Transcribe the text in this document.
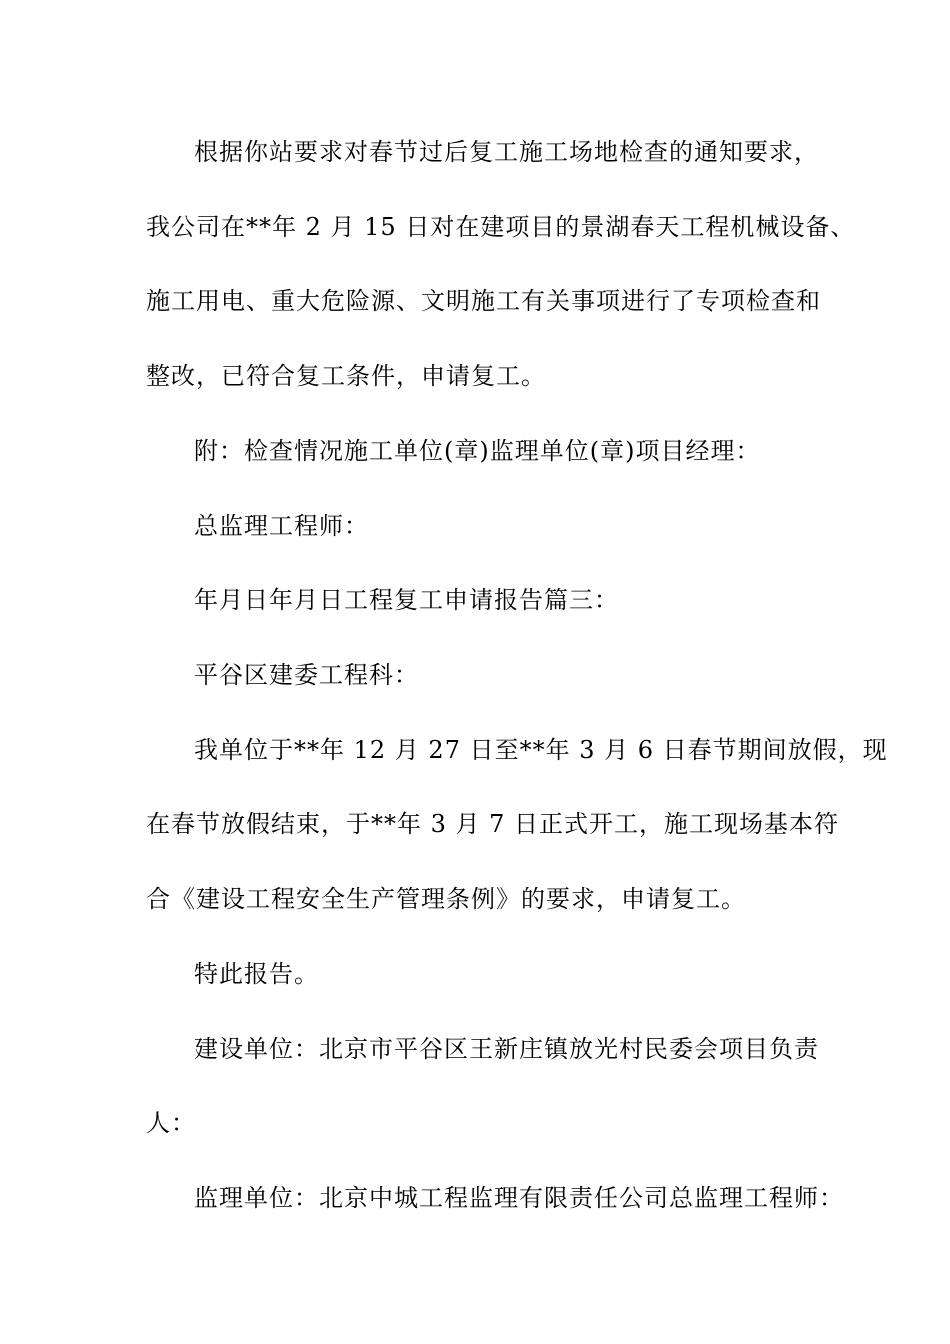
根据你站要求对春节过后复工施工场地检查的通知要求，
我公司在**年 2 月 15 日对在建项目的景湖春天工程机械设备、
施工用电、重大危险源、文明施工有关事项进行了专项检查和
整改，已符合复工条件，申请复工。
附：检查情况施工单位(章)监理单位(章)项目经理：
总监理工程师：
年月日年月日工程复工申请报告篇三：
平谷区建委工程科：
我单位于**年 12 月 27 日至**年 3 月 6 日春节期间放假，现
在春节放假结束，于**年 3 月 7 日正式开工，施工现场基本符
合《建设工程安全生产管理条例》的要求，申请复工。
特此报告。
建设单位：北京市平谷区王新庄镇放光村民委会项目负责
人：
监理单位：北京中城工程监理有限责任公司总监理工程师：
